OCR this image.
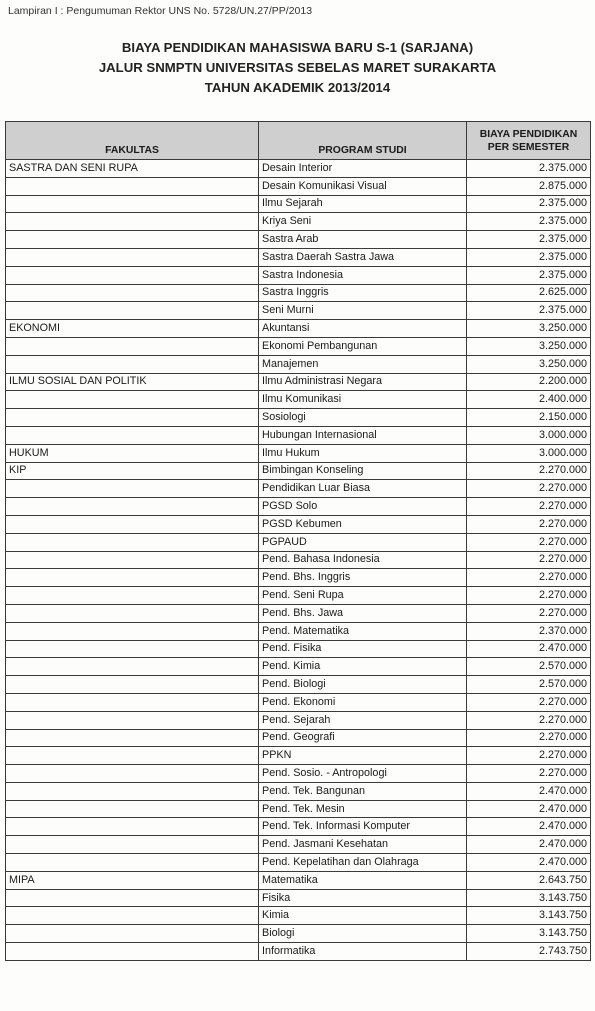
Lampiran I : Pengumuman Rektor UNS No. 5728/UN.27/PP/2013
BIAYA PENDIDIKAN MAHASISWA BARU S-1 (SARJANA)
JALUR SNMPTN UNIVERSITAS SEBELAS MARET SURAKARTA
TAHUN AKADEMIK 2013/2014
FAKULTAS	PROGRAM STUDI	BIAYA PENDIDIKAN PER SEMESTER
SASTRA DAN SENI RUPA	Desain Interior	2.375.000
	Desain Komunikasi Visual	2.875.000
	Ilmu Sejarah	2.375.000
	Kriya Seni	2.375.000
	Sastra Arab	2.375.000
	Sastra Daerah Sastra Jawa	2.375.000
	Sastra Indonesia	2.375.000
	Sastra Inggris	2.625.000
	Seni Murni	2.375.000
EKONOMI	Akuntansi	3.250.000
	Ekonomi Pembangunan	3.250.000
	Manajemen	3.250.000
ILMU SOSIAL DAN POLITIK	Ilmu Administrasi Negara	2.200.000
	Ilmu Komunikasi	2.400.000
	Sosiologi	2.150.000
	Hubungan Internasional	3.000.000
HUKUM	Ilmu Hukum	3.000.000
KIP	Bimbingan Konseling	2.270.000
	Pendidikan Luar Biasa	2.270.000
	PGSD Solo	2.270.000
	PGSD Kebumen	2.270.000
	PGPAUD	2.270.000
	Pend. Bahasa Indonesia	2.270.000
	Pend. Bhs. Inggris	2.270.000
	Pend. Seni Rupa	2.270.000
	Pend. Bhs. Jawa	2.270.000
	Pend. Matematika	2.370.000
	Pend. Fisika	2.470.000
	Pend. Kimia	2.570.000
	Pend. Biologi	2.570.000
	Pend. Ekonomi	2.270.000
	Pend. Sejarah	2.270.000
	Pend. Geografi	2.270.000
	PPKN	2.270.000
	Pend. Sosio. - Antropologi	2.270.000
	Pend. Tek. Bangunan	2.470.000
	Pend. Tek. Mesin	2.470.000
	Pend. Tek. Informasi Komputer	2.470.000
	Pend. Jasmani Kesehatan	2.470.000
	Pend. Kepelatihan dan Olahraga	2.470.000
MIPA	Matematika	2.643.750
	Fisika	3.143.750
	Kimia	3.143.750
	Biologi	3.143.750
	Informatika	2.743.750
